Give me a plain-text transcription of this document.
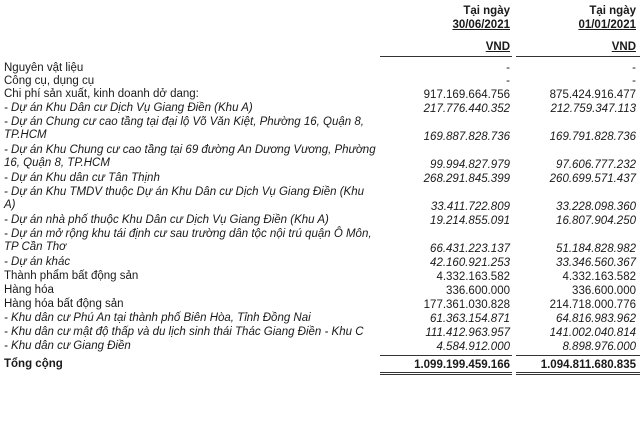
Tại ngày
30/06/2021
VND
Tại ngày
01/01/2021
VND
Nguyên vật liệu	-	-
Công cụ, dụng cụ	-	-
Chi phí sản xuất, kinh doanh dở dang:	917.169.664.756	875.424.916.477
- Dự án Khu Dân cư Dịch Vụ Giang Điền (Khu A)	217.776.440.352	212.759.347.113
- Dự án Chung cư cao tầng tại đại lộ Võ Văn Kiệt, Phường 16, Quận 8, TP.HCM	169.887.828.736	169.791.828.736
- Dự án Khu Chung cư cao tầng tại 69 đường An Dương Vương, Phường 16, Quận 8, TP.HCM	99.994.827.979	97.606.777.232
- Dự án Khu dân cư Tân Thịnh	268.291.845.399	260.699.571.437
- Dự án Khu TMDV thuộc Dự án Khu Dân cư Dịch Vụ Giang Điền (Khu A)	33.411.722.809	33.228.098.360
- Dự án nhà phố thuộc Khu Dân cư Dịch Vụ Giang Điền (Khu A)	19.214.855.091	16.807.904.250
- Dự án mở rộng khu tái định cư sau trường dân tộc nội trú quận Ô Môn, TP Cần Thơ	66.431.223.137	51.184.828.982
- Dự án khác	42.160.921.253	33.346.560.367
Thành phẩm bất động sản	4.332.163.582	4.332.163.582
Hàng hóa	336.600.000	336.600.000
Hàng hóa bất động sản	177.361.030.828	214.718.000.776
- Khu dân cư Phú An tại thành phố Biên Hòa, Tỉnh Đồng Nai	61.363.154.871	64.816.983.962
- Khu dân cư mật độ thấp và du lịch sinh thái Thác Giang Điền - Khu C	111.412.963.957	141.002.040.814
- Khu dân cư Giang Điền	4.584.912.000	8.898.976.000
Tổng cộng	1.099.199.459.166	1.094.811.680.835
